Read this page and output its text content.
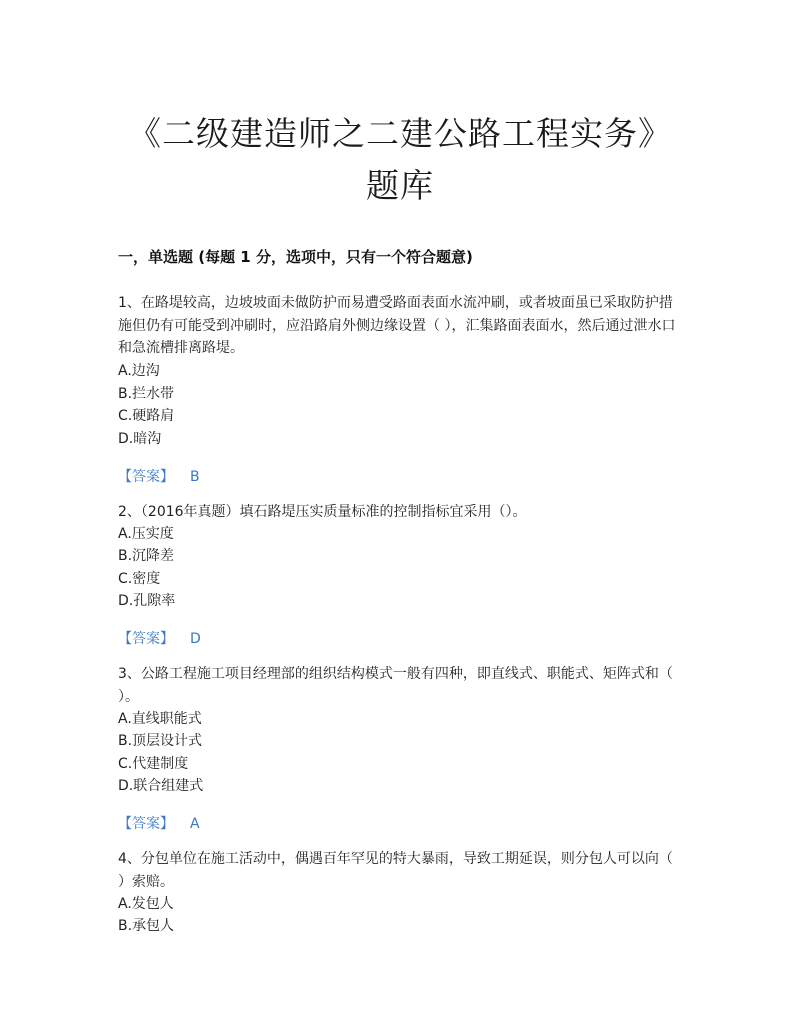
《二级建造师之二建公路工程实务》
题库
一，单选题 (每题 1 分，选项中，只有一个符合题意)
1、在路堤较高，边坡坡面未做防护而易遭受路面表面水流冲刷，或者坡面虽已采取防护措施但仍有可能受到冲刷时，应沿路肩外侧边缘设置（ ），汇集路面表面水，然后通过泄水口和急流槽排离路堤。
A.边沟
B.拦水带
C.硬路肩
D.暗沟
【答案】 B
2、（2016年真题）填石路堤压实质量标准的控制指标宜采用（）。
A.压实度
B.沉降差
C.密度
D.孔隙率
【答案】 D
3、公路工程施工项目经理部的组织结构模式一般有四种，即直线式、职能式、矩阵式和（ ）。
A.直线职能式
B.顶层设计式
C.代建制度
D.联合组建式
【答案】 A
4、分包单位在施工活动中，偶遇百年罕见的特大暴雨，导致工期延误，则分包人可以向（ ）索赔。
A.发包人
B.承包人
